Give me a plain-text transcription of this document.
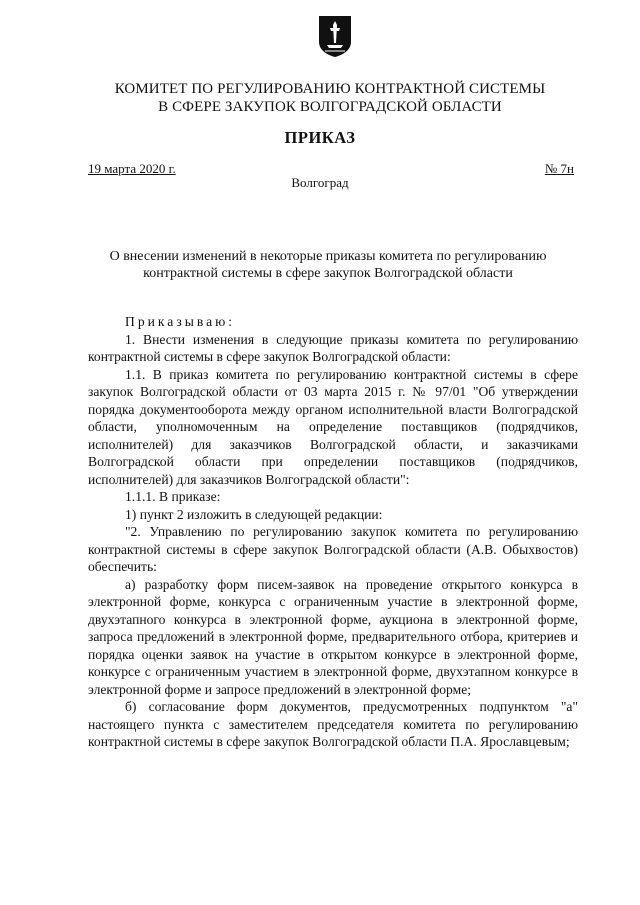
КОМИТЕТ ПО РЕГУЛИРОВАНИЮ КОНТРАКТНОЙ СИСТЕМЫ
В СФЕРЕ ЗАКУПОК ВОЛГОГРАДСКОЙ ОБЛАСТИ
ПРИКАЗ
19 марта 2020 г.	№ 7н
Волгоград
О внесении изменений в некоторые приказы комитета по регулированию
контрактной системы в сфере закупок Волгоградской области

Приказываю:

1. Внести изменения в следующие приказы комитета по регулированию контрактной системы в сфере закупок Волгоградской области:

1.1. В приказ комитета по регулированию контрактной системы в сфере закупок Волгоградской области от 03 марта 2015 г. № 97/01 "Об утверждении порядка документооборота между органом исполнительной власти Волгоградской области, уполномоченным на определение поставщиков (подрядчиков, исполнителей) для заказчиков Волгоградской области, и заказчиками Волгоградской области при определении поставщиков (подрядчиков, исполнителей) для заказчиков Волгоградской области":

1.1.1. В приказе:

1) пункт 2 изложить в следующей редакции:

"2. Управлению по регулированию закупок комитета по регулированию контрактной системы в сфере закупок Волгоградской области (А.В. Обыхвостов) обеспечить:

а) разработку форм писем-заявок на проведение открытого конкурса в электронной форме, конкурса с ограниченным участие в электронной форме, двухэтапного конкурса в электронной форме, аукциона в электронной форме, запроса предложений в электронной форме, предварительного отбора, критериев и порядка оценки заявок на участие в открытом конкурсе в электронной форме, конкурсе с ограниченным участием в электронной форме, двухэтапном конкурсе в электронной форме и запросе предложений в электронной форме;

б) согласование форм документов, предусмотренных подпунктом "а" настоящего пункта с заместителем председателя комитета по регулированию контрактной системы в сфере закупок Волгоградской области П.А. Ярославцевым;
